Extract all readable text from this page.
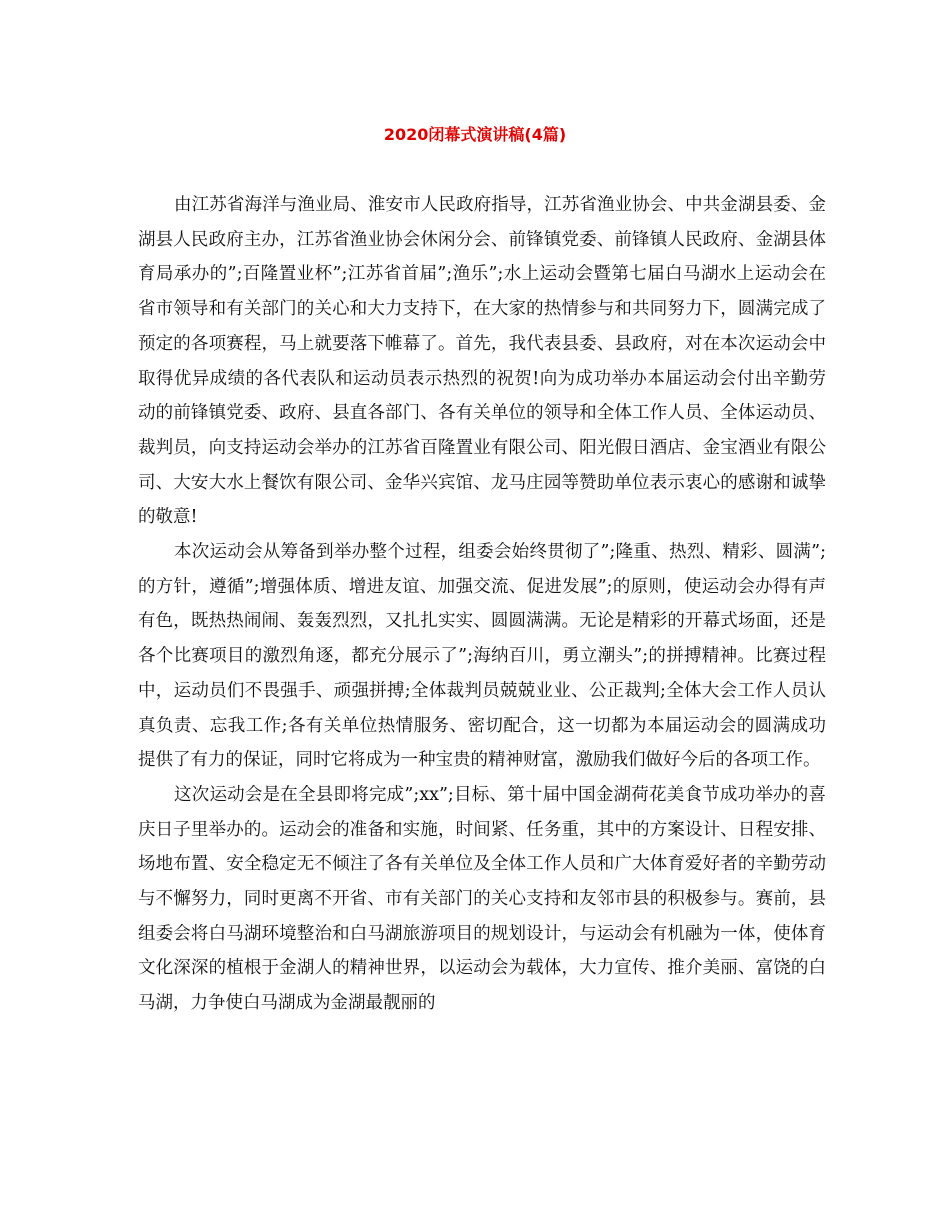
2020闭幕式演讲稿(4篇)

由江苏省海洋与渔业局、淮安市人民政府指导，江苏省渔业协会、中共金湖县委、金湖县人民政府主办，江苏省渔业协会休闲分会、前锋镇党委、前锋镇人民政府、金湖县体育局承办的”;百隆置业杯”;江苏省首届”;渔乐”;水上运动会暨第七届白马湖水上运动会在省市领导和有关部门的关心和大力支持下，在大家的热情参与和共同努力下，圆满完成了预定的各项赛程，马上就要落下帷幕了。首先，我代表县委、县政府，对在本次运动会中取得优异成绩的各代表队和运动员表示热烈的祝贺!向为成功举办本届运动会付出辛勤劳动的前锋镇党委、政府、县直各部门、各有关单位的领导和全体工作人员、全体运动员、裁判员，向支持运动会举办的江苏省百隆置业有限公司、阳光假日酒店、金宝酒业有限公司、大安大水上餐饮有限公司、金华兴宾馆、龙马庄园等赞助单位表示衷心的感谢和诚挚的敬意!

本次运动会从筹备到举办整个过程，组委会始终贯彻了”;隆重、热烈、精彩、圆满”;的方针，遵循”;增强体质、增进友谊、加强交流、促进发展”;的原则，使运动会办得有声有色，既热热闹闹、轰轰烈烈，又扎扎实实、圆圆满满。无论是精彩的开幕式场面，还是各个比赛项目的激烈角逐，都充分展示了”;海纳百川，勇立潮头”;的拼搏精神。比赛过程中，运动员们不畏强手、顽强拼搏;全体裁判员兢兢业业、公正裁判;全体大会工作人员认真负责、忘我工作;各有关单位热情服务、密切配合，这一切都为本届运动会的圆满成功提供了有力的保证，同时它将成为一种宝贵的精神财富，激励我们做好今后的各项工作。

这次运动会是在全县即将完成”;xx”;目标、第十届中国金湖荷花美食节成功举办的喜庆日子里举办的。运动会的准备和实施，时间紧、任务重，其中的方案设计、日程安排、场地布置、安全稳定无不倾注了各有关单位及全体工作人员和广大体育爱好者的辛勤劳动与不懈努力，同时更离不开省、市有关部门的关心支持和友邻市县的积极参与。赛前，县组委会将白马湖环境整治和白马湖旅游项目的规划设计，与运动会有机融为一体，使体育文化深深的植根于金湖人的精神世界，以运动会为载体，大力宣传、推介美丽、富饶的白马湖，力争使白马湖成为金湖最靓丽的
